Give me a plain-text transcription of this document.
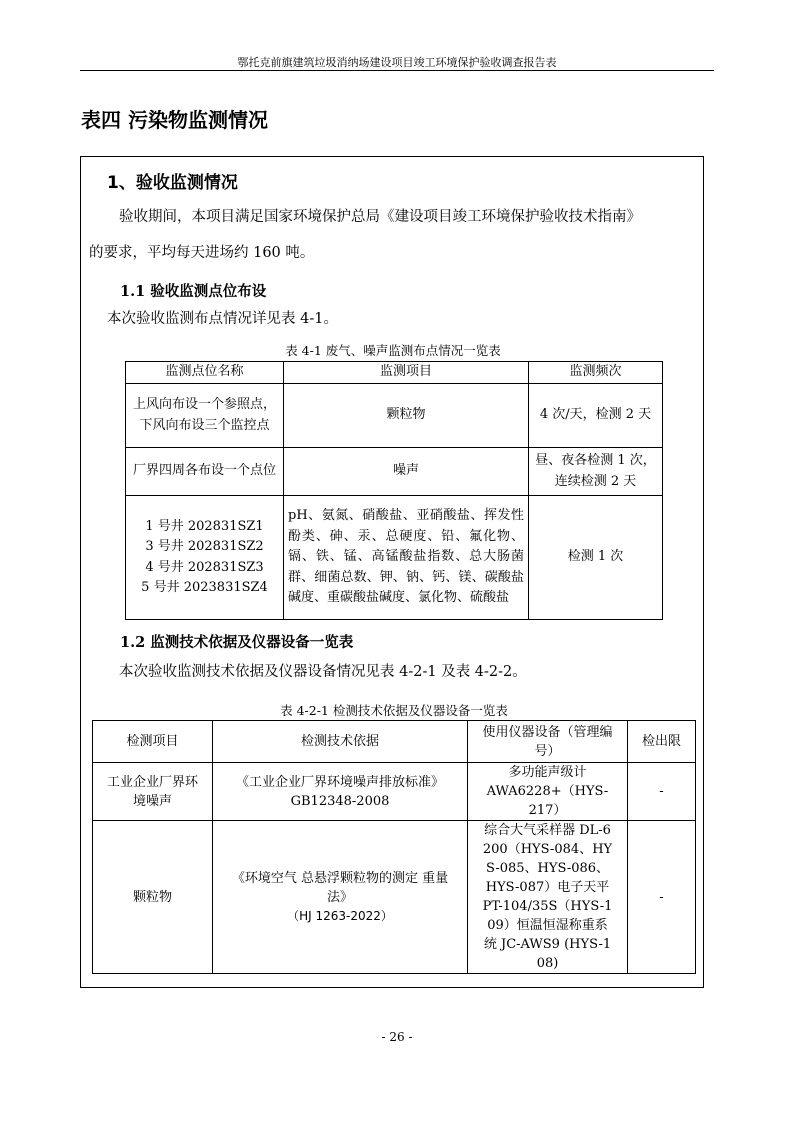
鄂托克前旗建筑垃圾消纳场建设项目竣工环境保护验收调查报告表
表四 污染物监测情况
1、验收监测情况
验收期间，本项目满足国家环境保护总局《建设项目竣工环境保护验收技术指南》
的要求，平均每天进场约 160 吨。
1.1 验收监测点位布设
本次验收监测布点情况详见表 4-1。
表 4-1 废气、噪声监测布点情况一览表
监测点位名称	监测项目	监测频次
上风向布设一个参照点，下风向布设三个监控点	颗粒物	4 次/天，检测 2 天
厂界四周各布设一个点位	噪声	昼、夜各检测 1 次，连续检测 2 天

1 号井 202831SZ1
3 号井 202831SZ2
4 号井 202831SZ3
5 号井 2023831SZ4	pH、氨氮、硝酸盐、亚硝酸盐、挥发性酚类、砷、汞、总硬度、铅、氟化物、镉、铁、锰、高锰酸盐指数、总大肠菌群、细菌总数、钾、钠、钙、镁、碳酸盐碱度、重碳酸盐碱度、氯化物、硫酸盐	检测 1 次
1.2 监测技术依据及仪器设备一览表
本次验收监测技术依据及仪器设备情况见表 4-2-1 及表 4-2-2。
表 4-2-1 检测技术依据及仪器设备一览表
检测项目	检测技术依据	使用仪器设备（管理编号）	检出限
工业企业厂界环境噪声	《工业企业厂界环境噪声排放标准》
GB12348-2008	多功能声级计 AWA6228+（HYS-217）	-
颗粒物	《环境空气 总悬浮颗粒物的测定 重量法》
（HJ 1263-2022）	综合大气采样器 DL-6200（HYS-084、HYS-085、HYS-086、HYS-087）电子天平 PT-104/35S（HYS-109）恒温恒湿称重系统 JC-AWS9 (HYS-108)	-
- 26 -
